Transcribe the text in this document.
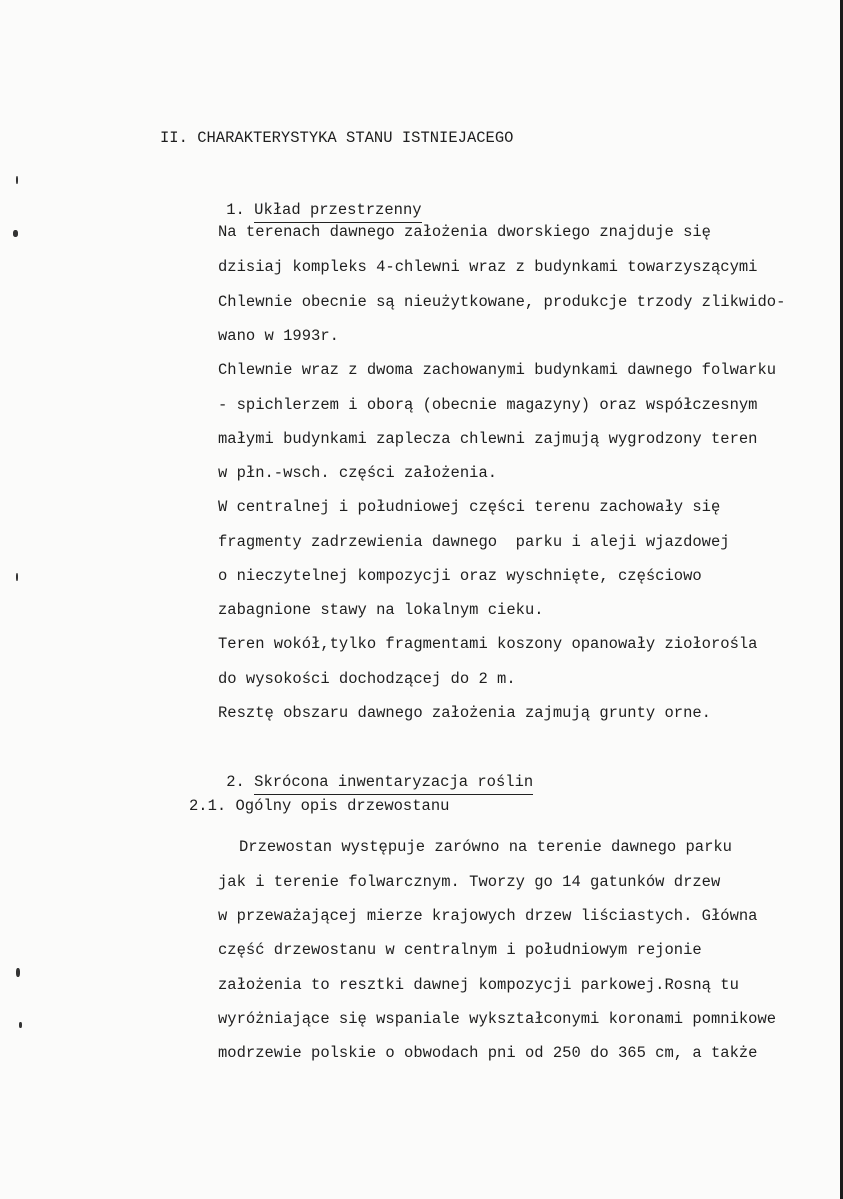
II. CHARAKTERYSTYKA STANU ISTNIEJACEGO

1. Układ przestrzenny

Na terenach dawnego założenia dworskiego znajduje się
dzisiaj kompleks 4-chlewni wraz z budynkami towarzyszącymi
Chlewnie obecnie są nieużytkowane, produkcje trzody zlikwido-
wano w 1993r.
Chlewnie wraz z dwoma zachowanymi budynkami dawnego folwarku
- spichlerzem i oborą (obecnie magazyny) oraz współczesnym
małymi budynkami zaplecza chlewni zajmują wygrodzony teren
w płn.-wsch. części założenia.
W centralnej i południowej części terenu zachowały się
fragmenty zadrzewienia dawnego  parku i aleji wjazdowej
o nieczytelnej kompozycji oraz wyschnięte, częściowo
zabagnione stawy na lokalnym cieku.
Teren wokół,tylko fragmentami koszony opanowały ziołorośla
do wysokości dochodzącej do 2 m.
Resztę obszaru dawnego założenia zajmują grunty orne.

2. Skrócona inwentaryzacja roślin

2.1. Ogólny opis drzewostanu
Drzewostan występuje zarówno na terenie dawnego parku
jak i terenie folwarcznym. Tworzy go 14 gatunków drzew
w przeważającej mierze krajowych drzew liściastych. Główna
część drzewostanu w centralnym i południowym rejonie
założenia to resztki dawnej kompozycji parkowej.Rosną tu
wyróżniające się wspaniale wykształconymi koronami pomnikowe
modrzewie polskie o obwodach pni od 250 do 365 cm, a także
